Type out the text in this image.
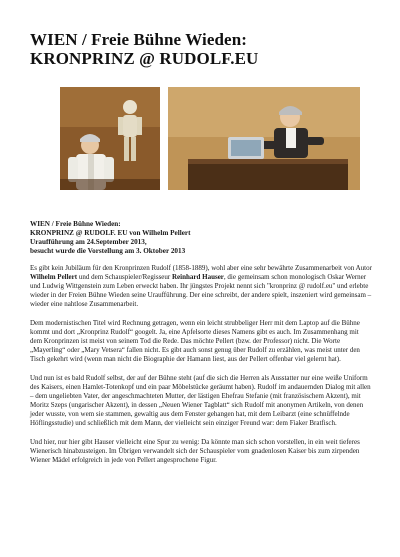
WIEN / Freie Bühne Wieden:
KRONPRINZ @ RUDOLF.EU
WIEN / Freie Bühne Wieden:
KRONPRINZ @ RUDOLF. EU von Wilhelm Pellert
Uraufführung am 24.September 2013,
besucht wurde die Vorstellung am 3. Oktober 2013

Es gibt kein Jubiläum für den Kronprinzen Rudolf (1858-1889), wohl aber eine sehr bewährte Zusammenarbeit von Autor Wilhelm Pellert und dem Schauspieler/Regisseur Reinhard Hauser, die gemeinsam schon monologisch Oskar Werner und Ludwig Wittgenstein zum Leben erweckt haben. Ihr jüngstes Projekt nennt sich "kronprinz @ rudolf.eu" und erlebte wieder in der Freien Bühne Wieden seine Uraufführung. Der eine schreibt, der andere spielt, inszeniert wird gemeinsam – wieder eine nahtlose Zusammenarbeit.

Dem modernistischen Titel wird Rechnung getragen, wenn ein leicht strubbeliger Herr mit dem Laptop auf die Bühne kommt und dort „Kronprinz Rudolf“ googelt. Ja, eine Apfelsorte dieses Namens gibt es auch. Im Zusammenhang mit dem Kronprinzen ist meist von seinem Tod die Rede. Das möchte Pellert (bzw. der Professor) nicht. Die Worte „Mayerling“ oder „Mary Vetsera“ fallen nicht. Es gibt auch sonst genug über Rudolf zu erzählen, was meist unter den Tisch gekehrt wird (wenn man nicht die Biographie der Hamann liest, aus der Pellert offenbar viel gelernt hat).

Und nun ist es bald Rudolf selbst, der auf der Bühne steht (auf die sich die Herren als Ausstatter nur eine weiße Uniform des Kaisers, einen Hamlet-Totenkopf und ein paar Möbelstücke geräumt haben). Rudolf im andauernden Dialog mit allen – dem ungeliebten Vater, der angeschmachteten Mutter, der lästigen Ehefrau Stefanie (mit französischem Akzent), mit Moritz Szeps (ungarischer Akzent), in dessen „Neuen Wiener Tagblatt“ sich Rudolf mit anonymen Artikeln, von denen jeder wusste, von wem sie stammen, gewaltig aus dem Fenster gehangen hat, mit dem Leibarzt (eine schnüffelnde Höflingsstudie) und schließlich mit dem Mann, der vielleicht sein einziger Freund war: dem Fiaker Bratfisch.

Und hier, nur hier gibt Hauser vielleicht eine Spur zu wenig: Da könnte man sich schon vorstellen, in ein weit tieferes Wienerisch hinabzusteigen. Im Übrigen verwandelt sich der Schauspieler vom gnadenlosen Kaiser bis zum zirpenden Wiener Mädel erfolgreich in jede von Pellert angesprochene Figur.
